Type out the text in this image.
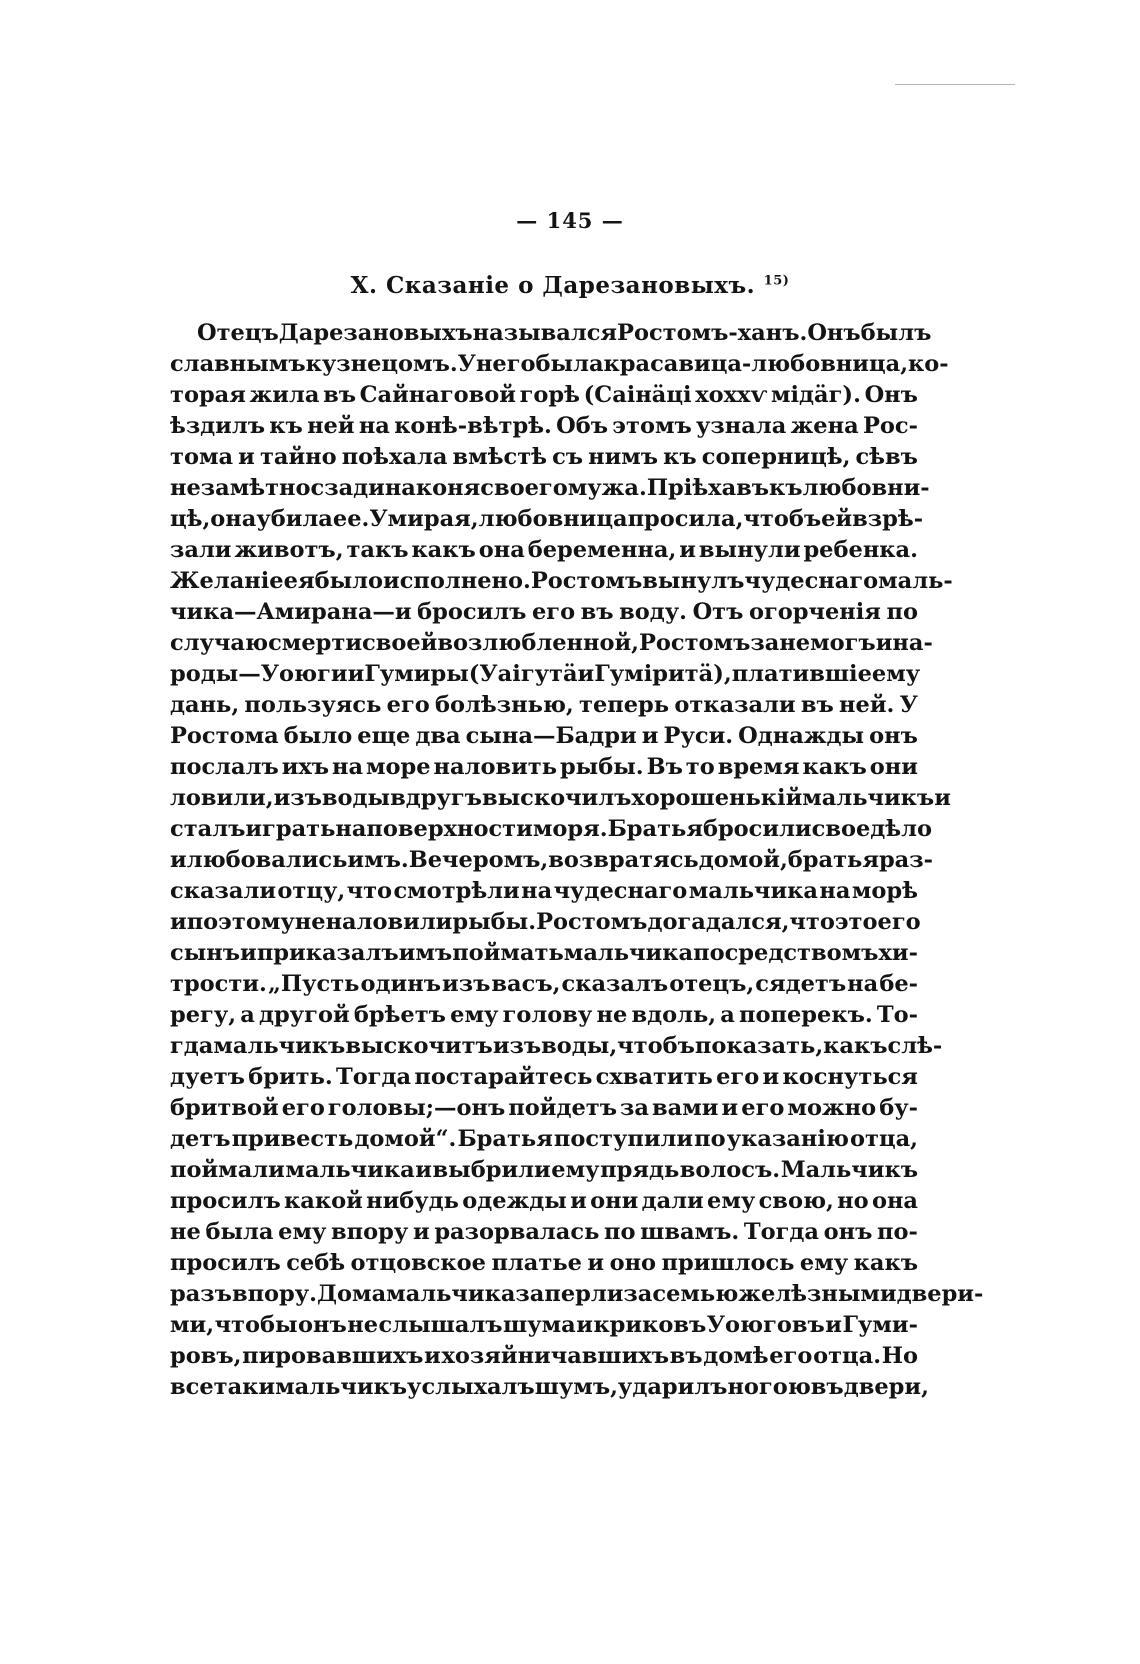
— 145 —
X. Сказаніе о Дарезановыхъ. $^{15)}$
Отецъ Дарезановыхъ назывался Ростомъ-ханъ. Онъ былъ
славнымъ кузнецомъ. У него была красавица-любовница, ко-
торая жила въ Сайнаговой горѣ (Саінäці хоххѵ мідäг). Онъ
ѣздилъ къ ней на конѣ-вѣтрѣ. Объ этомъ узнала жена Рос-
тома и тайно поѣхала вмѣстѣ съ нимъ къ соперницѣ, сѣвъ
незамѣтно сзади на коня своего мужа. Пріѣхавъ къ любовни-
цѣ, она убила ее. Умирая, любовница просила, чтобъ ей взрѣ-
зали животъ, такъ какъ она беременна, и вынули ребенка.
Желаніе ея было исполнено. Ростомъ вынулъ чудеснаго маль-
чика—Амирана—и бросилъ его въ воду. Отъ огорченія по
случаю смерти своей возлюбленной, Ростомъ занемогъ и на-
роды—Уоюги и Гумиры (Уаігутä и Гуміритä), платившіе ему
дань, пользуясь его болѣзнью, теперь отказали въ ней. У
Ростома было еще два сына—Бадри и Руси. Однажды онъ
послалъ ихъ на море наловить рыбы. Въ то время какъ они
ловили, изъ воды вдругъ выскочилъ хорошенькій мальчикъ и
сталъ играть на поверхности моря. Братья бросили свое дѣло
и любовались имъ. Вечеромъ, возвратясь домой, братья раз-
сказали отцу, что смотрѣли на чудеснаго мальчика на морѣ
и поэтому не наловили рыбы. Ростомъ догадался, что это его
сынъ и приказалъ имъ поймать мальчика посредствомъ хи-
трости. „Пусть одинъ изъ васъ, сказалъ отецъ, сядетъ на бе-
регу, а другой брѣетъ ему голову не вдоль, а поперекъ. То-
гда мальчикъ выскочитъ изъ воды, чтобъ показать, какъ слѣ-
дуетъ брить. Тогда постарайтесь схватить его и коснуться
бритвой его головы;—онъ пойдетъ за вами и его можно бу-
детъ привесть домой“. Братья поступили по указанію отца,
поймали мальчика и выбрили ему прядь волосъ. Мальчикъ
просилъ какой нибудь одежды и они дали ему свою, но она
не была ему впору и разорвалась по швамъ. Тогда онъ по-
просилъ себѣ отцовское платье и оно пришлось ему какъ
разъ впору. Дома мальчика заперли за семью желѣзными двери-
ми, чтобы онъ не слышалъ шума и криковъ Уоюговъ и Гуми-
ровъ, пировавшихъ и хозяйничавшихъ въ домѣ его отца. Но
всетаки мальчикъ услыхалъ шумъ, ударилъ ногою въ двери,
